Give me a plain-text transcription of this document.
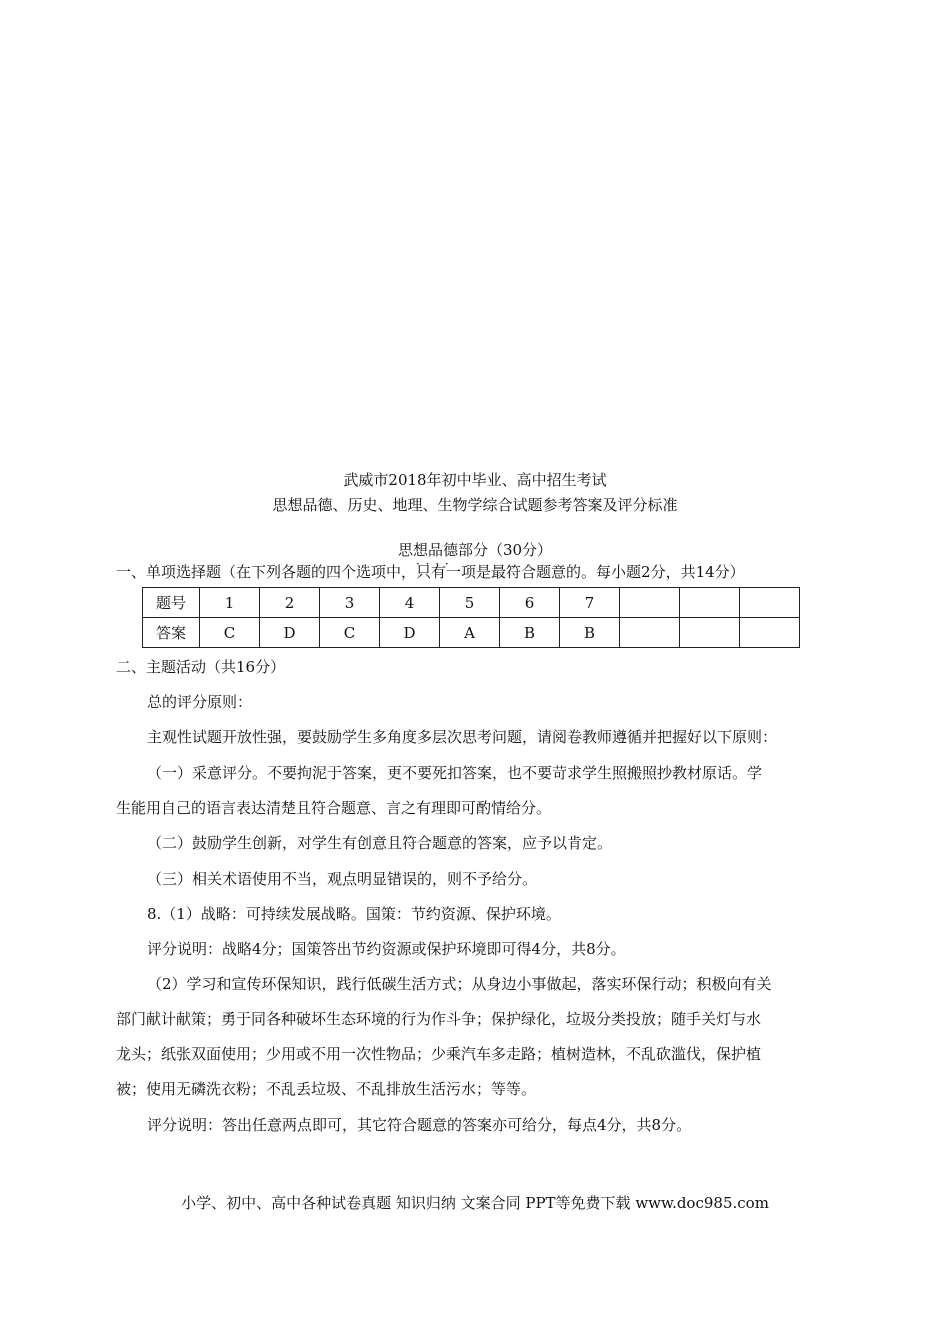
武威市2018年初中毕业、高中招生考试
思想品德、历史、地理、生物学综合试题参考答案及评分标准
思想品德部分（30分）
一、单项选择题（在下列各题的四个选项中，只有一项 · · · ·是最符合题意的。每小题2分，共14分）
题号	1	2	3	4	5	6	7			
答案	C	D	C	D	A	B	B			
二、主题活动（共16分）
总的评分原则：
主观性试题开放性强，要鼓励学生多角度多层次思考问题，请阅卷教师遵循并把握好以下原则：
（一）采意评分。不要拘泥于答案，更不要死扣答案，也不要苛求学生照搬照抄教材原话。学
生能用自己的语言表达清楚且符合题意、言之有理即可酌情给分。
（二）鼓励学生创新，对学生有创意且符合题意的答案，应予以肯定。
（三）相关术语使用不当，观点明显错误的，则不予给分。
8.（1）战略：可持续发展战略。国策：节约资源、保护环境。
评分说明：战略4分；国策答出节约资源或保护环境即可得4分，共8分。
（2）学习和宣传环保知识，践行低碳生活方式；从身边小事做起，落实环保行动；积极向有关
部门献计献策；勇于同各种破坏生态环境的行为作斗争；保护绿化，垃圾分类投放；随手关灯与水
龙头；纸张双面使用；少用或不用一次性物品；少乘汽车多走路；植树造林，不乱砍滥伐，保护植
被；使用无磷洗衣粉；不乱丢垃圾、不乱排放生活污水；等等。
评分说明：答出任意两点即可，其它符合题意的答案亦可给分，每点4分，共8分。
小学、初中、高中各种试卷真题 知识归纳 文案合同 PPT等免费下载 www.doc985.com
